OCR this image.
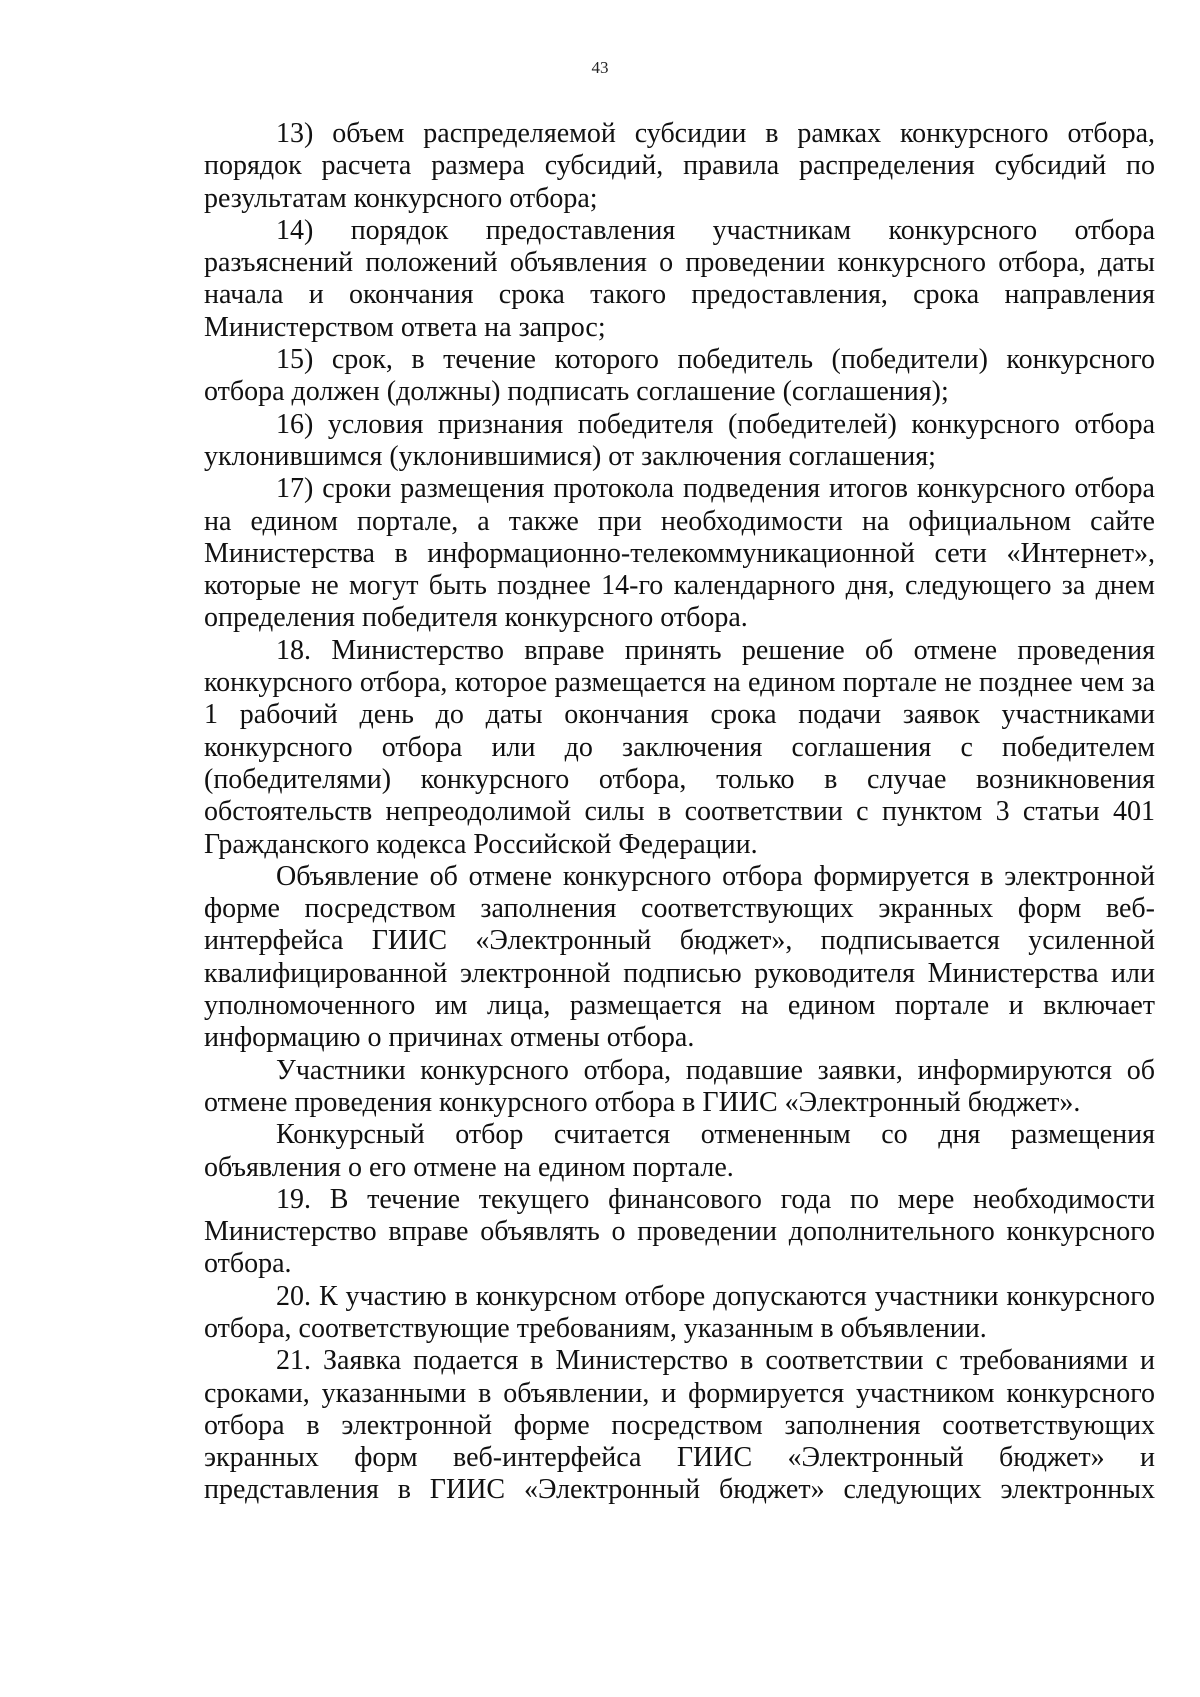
43

13) объем распределяемой субсидии в рамках конкурсного отбора, порядок расчета размера субсидий, правила распределения субсидий по результатам конкурсного отбора;

14) порядок предоставления участникам конкурсного отбора разъяснений положений объявления о проведении конкурсного отбора, даты начала и окончания срока такого предоставления, срока направления Министерством ответа на запрос;

15) срок, в течение которого победитель (победители) конкурсного отбора должен (должны) подписать соглашение (соглашения);

16) условия признания победителя (победителей) конкурсного отбора уклонившимся (уклонившимися) от заключения соглашения;

17) сроки размещения протокола подведения итогов конкурсного отбора на едином портале, а также при необходимости на официальном сайте Министерства в информационно-телекоммуникационной сети «Интернет», которые не могут быть позднее 14-го календарного дня, следующего за днем определения победителя конкурсного отбора.

18. Министерство вправе принять решение об отмене проведения конкурсного отбора, которое размещается на едином портале не позднее чем за 1 рабочий день до даты окончания срока подачи заявок участниками конкурсного отбора или до заключения соглашения с победителем (победителями) конкурсного отбора, только в случае возникновения обстоятельств непреодолимой силы в соответствии с пунктом 3 статьи 401 Гражданского кодекса Российской Федерации.

Объявление об отмене конкурсного отбора формируется в электронной форме посредством заполнения соответствующих экранных форм веб-интерфейса ГИИС «Электронный бюджет», подписывается усиленной квалифицированной электронной подписью руководителя Министерства или уполномоченного им лица, размещается на едином портале и включает информацию о причинах отмены отбора.

Участники конкурсного отбора, подавшие заявки, информируются об отмене проведения конкурсного отбора в ГИИС «Электронный бюджет».

Конкурсный отбор считается отмененным со дня размещения объявления о его отмене на едином портале.

19. В течение текущего финансового года по мере необходимости Министерство вправе объявлять о проведении дополнительного конкурсного отбора.

20. К участию в конкурсном отборе допускаются участники конкурсного отбора, соответствующие требованиям, указанным в объявлении.

21. Заявка подается в Министерство в соответствии с требованиями и сроками, указанными в объявлении, и формируется участником конкурсного отбора в электронной форме посредством заполнения соответствующих экранных форм веб-интерфейса ГИИС «Электронный бюджет» и представления в ГИИС «Электронный бюджет» следующих электронных
